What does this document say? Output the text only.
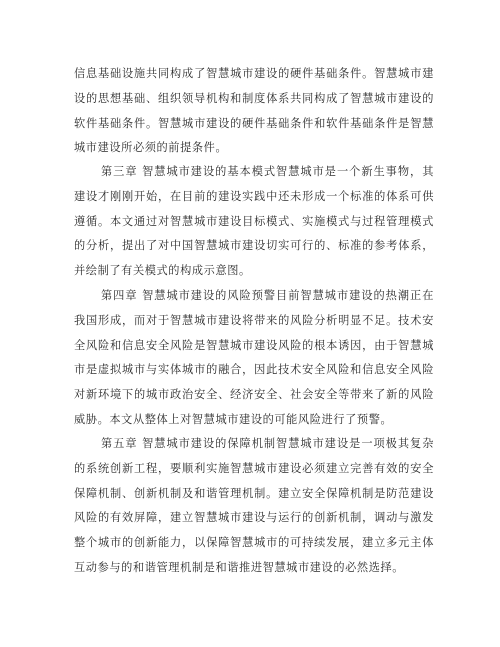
信息基础设施共同构成了智慧城市建设的硬件基础条件。智慧城市建
设的思想基础、组织领导机构和制度体系共同构成了智慧城市建设的
软件基础条件。智慧城市建设的硬件基础条件和软件基础条件是智慧
城市建设所必须的前提条件。
第三章 智慧城市建设的基本模式智慧城市是一个新生事物，其
建设才刚刚开始，在目前的建设实践中还未形成一个标准的体系可供
遵循。本文通过对智慧城市建设目标模式、实施模式与过程管理模式
的分析，提出了对中国智慧城市建设切实可行的、标准的参考体系，
并绘制了有关模式的构成示意图。
第四章 智慧城市建设的风险预警目前智慧城市建设的热潮正在
我国形成，而对于智慧城市建设将带来的风险分析明显不足。技术安
全风险和信息安全风险是智慧城市建设风险的根本诱因，由于智慧城
市是虚拟城市与实体城市的融合，因此技术安全风险和信息安全风险
对新环境下的城市政治安全、经济安全、社会安全等带来了新的风险
威胁。本文从整体上对智慧城市建设的可能风险进行了预警。
第五章 智慧城市建设的保障机制智慧城市建设是一项极其复杂
的系统创新工程，要顺利实施智慧城市建设必须建立完善有效的安全
保障机制、创新机制及和谐管理机制。建立安全保障机制是防范建设
风险的有效屏障，建立智慧城市建设与运行的创新机制，调动与激发
整个城市的创新能力，以保障智慧城市的可持续发展，建立多元主体
互动参与的和谐管理机制是和谐推进智慧城市建设的必然选择。
